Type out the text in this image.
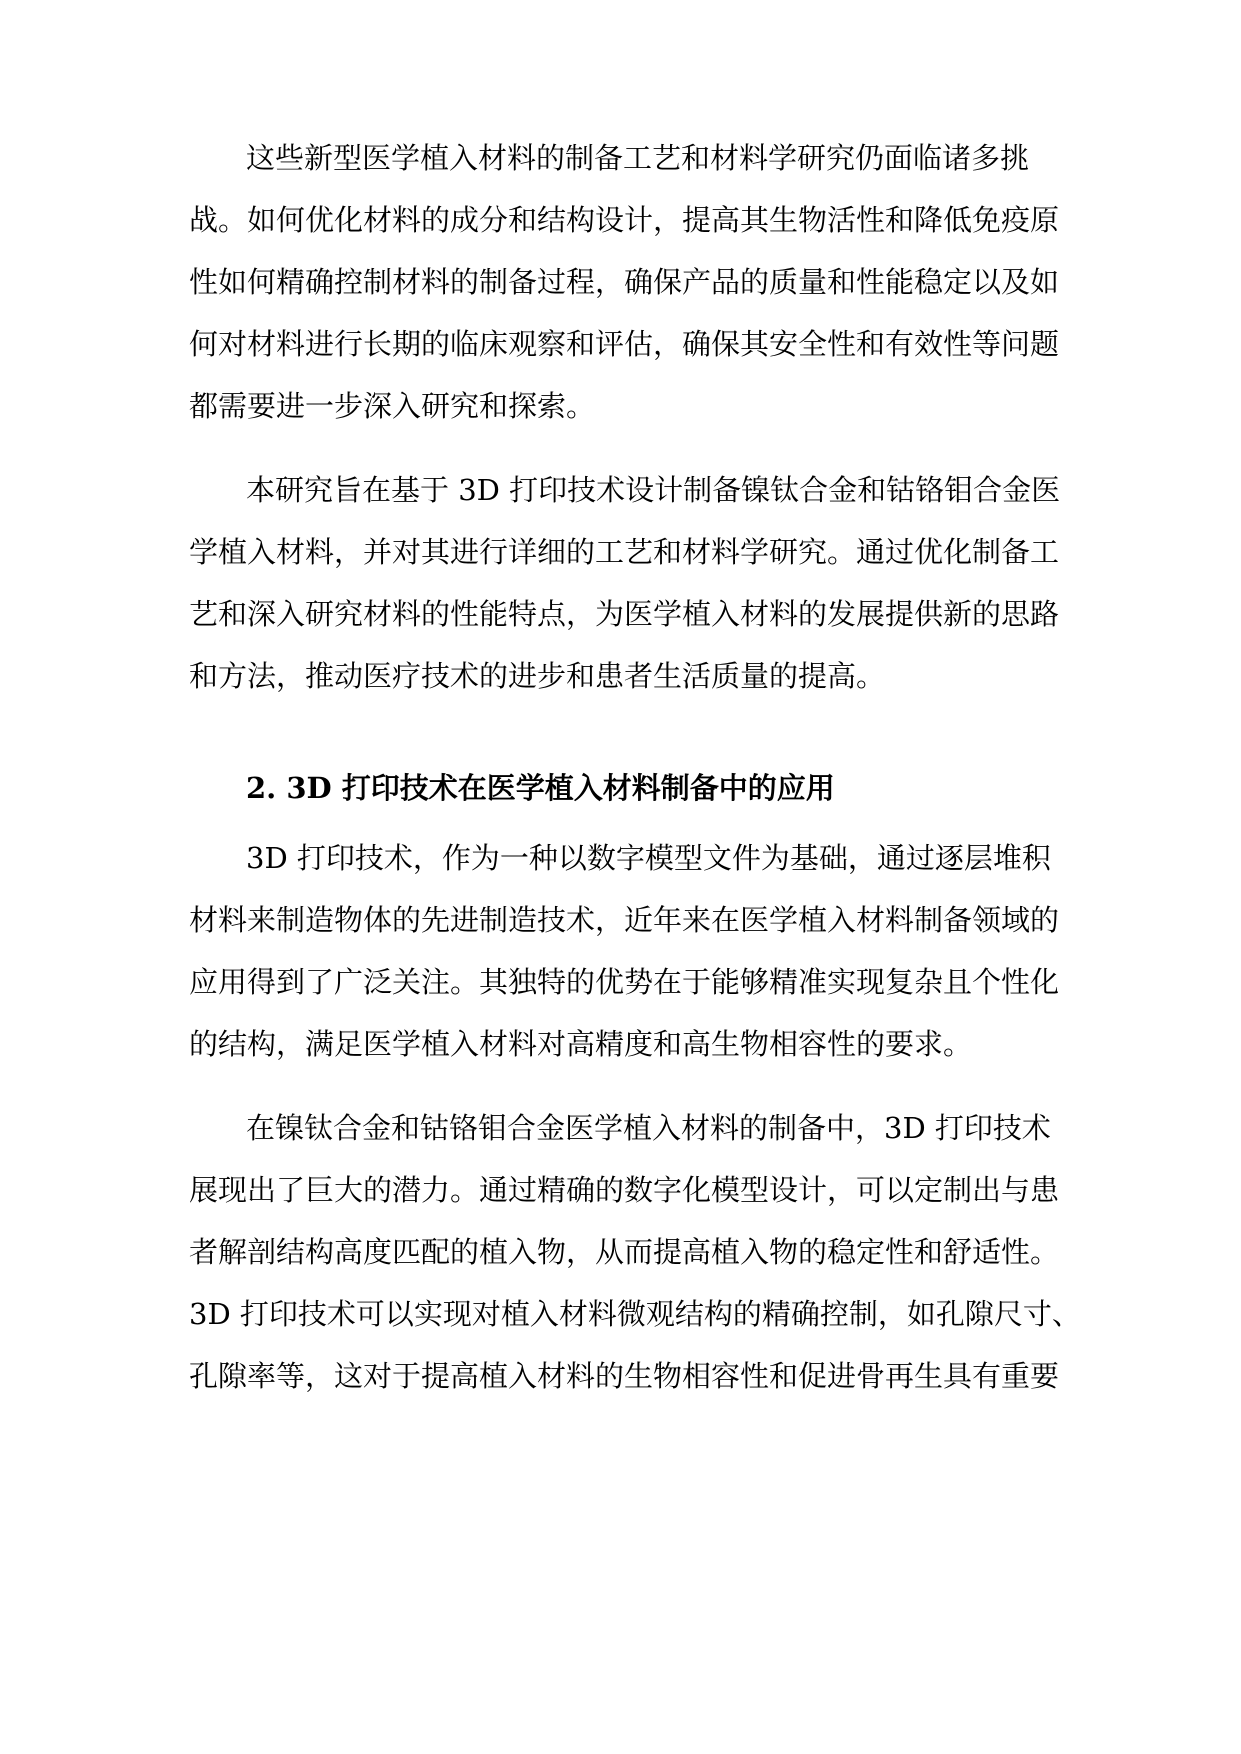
这些新型医学植入材料的制备工艺和材料学研究仍面临诸多挑
战。如何优化材料的成分和结构设计，提高其生物活性和降低免疫原
性如何精确控制材料的制备过程，确保产品的质量和性能稳定以及如
何对材料进行长期的临床观察和评估，确保其安全性和有效性等问题
都需要进一步深入研究和探索。
本研究旨在基于 3D 打印技术设计制备镍钛合金和钴铬钼合金医
学植入材料，并对其进行详细的工艺和材料学研究。通过优化制备工
艺和深入研究材料的性能特点，为医学植入材料的发展提供新的思路
和方法，推动医疗技术的进步和患者生活质量的提高。
2. 3D 打印技术在医学植入材料制备中的应用
3D 打印技术，作为一种以数字模型文件为基础，通过逐层堆积
材料来制造物体的先进制造技术，近年来在医学植入材料制备领域的
应用得到了广泛关注。其独特的优势在于能够精准实现复杂且个性化
的结构，满足医学植入材料对高精度和高生物相容性的要求。
在镍钛合金和钴铬钼合金医学植入材料的制备中，3D 打印技术
展现出了巨大的潜力。通过精确的数字化模型设计，可以定制出与患
者解剖结构高度匹配的植入物，从而提高植入物的稳定性和舒适性。
3D 打印技术可以实现对植入材料微观结构的精确控制，如孔隙尺寸、
孔隙率等，这对于提高植入材料的生物相容性和促进骨再生具有重要
